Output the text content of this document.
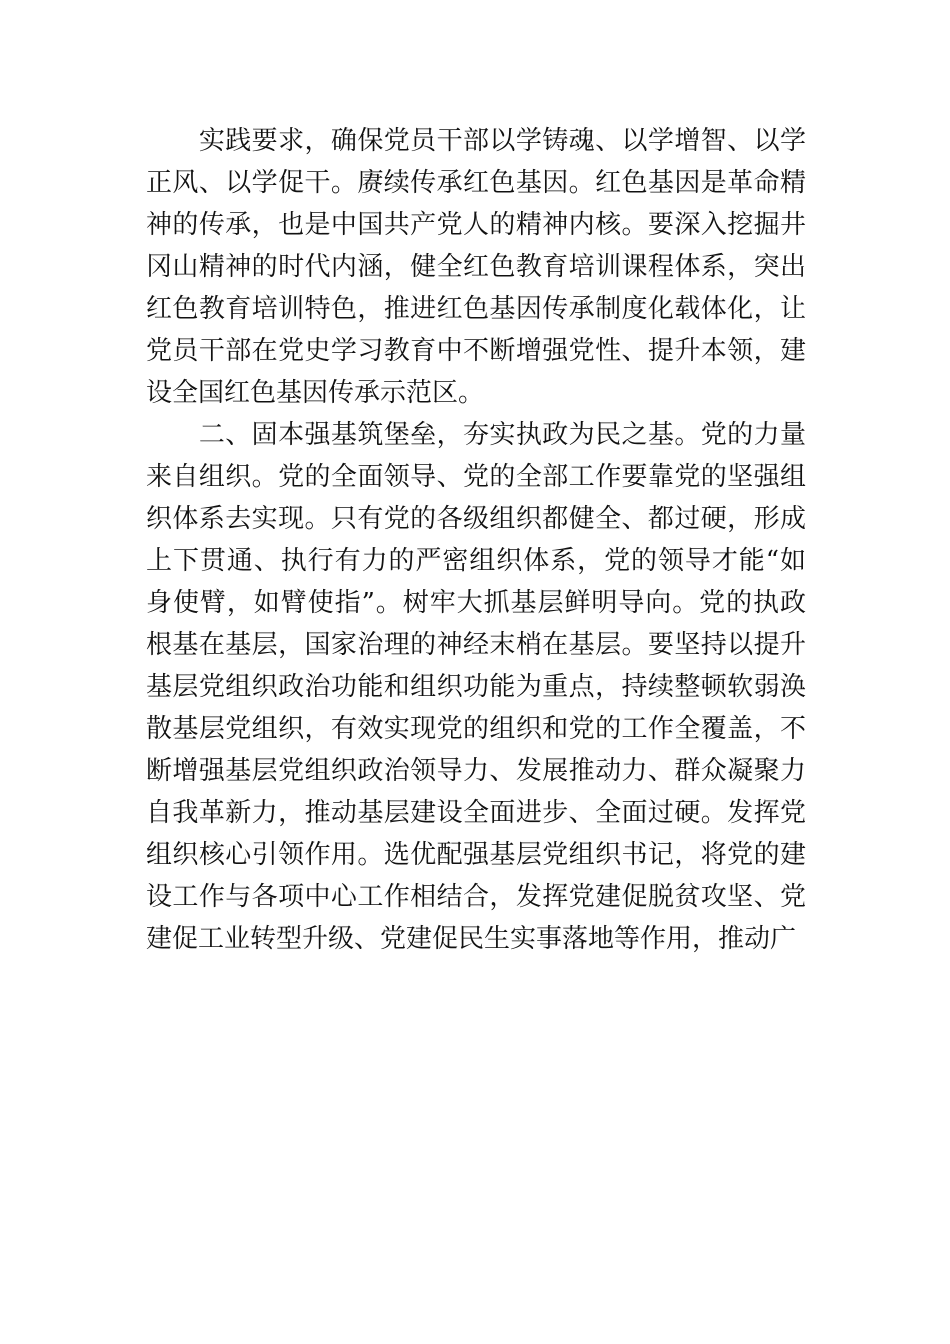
　　实践要求，确保党员干部以学铸魂、以学增智、以学
正风、以学促干。赓续传承红色基因。红色基因是革命精
神的传承，也是中国共产党人的精神内核。要深入挖掘井
冈山精神的时代内涵，健全红色教育培训课程体系，突出
红色教育培训特色，推进红色基因传承制度化载体化，让
党员干部在党史学习教育中不断增强党性、提升本领，建
设全国红色基因传承示范区。
　　二、固本强基筑堡垒，夯实执政为民之基。党的力量
来自组织。党的全面领导、党的全部工作要靠党的坚强组
织体系去实现。只有党的各级组织都健全、都过硬，形成
上下贯通、执行有力的严密组织体系，党的领导才能“如
身使臂，如臂使指”。树牢大抓基层鲜明导向。党的执政
根基在基层，国家治理的神经末梢在基层。要坚持以提升
基层党组织政治功能和组织功能为重点，持续整顿软弱涣
散基层党组织，有效实现党的组织和党的工作全覆盖，不
断增强基层党组织政治领导力、发展推动力、群众凝聚力
自我革新力，推动基层建设全面进步、全面过硬。发挥党
组织核心引领作用。选优配强基层党组织书记，将党的建
设工作与各项中心工作相结合，发挥党建促脱贫攻坚、党
建促工业转型升级、党建促民生实事落地等作用，推动广
